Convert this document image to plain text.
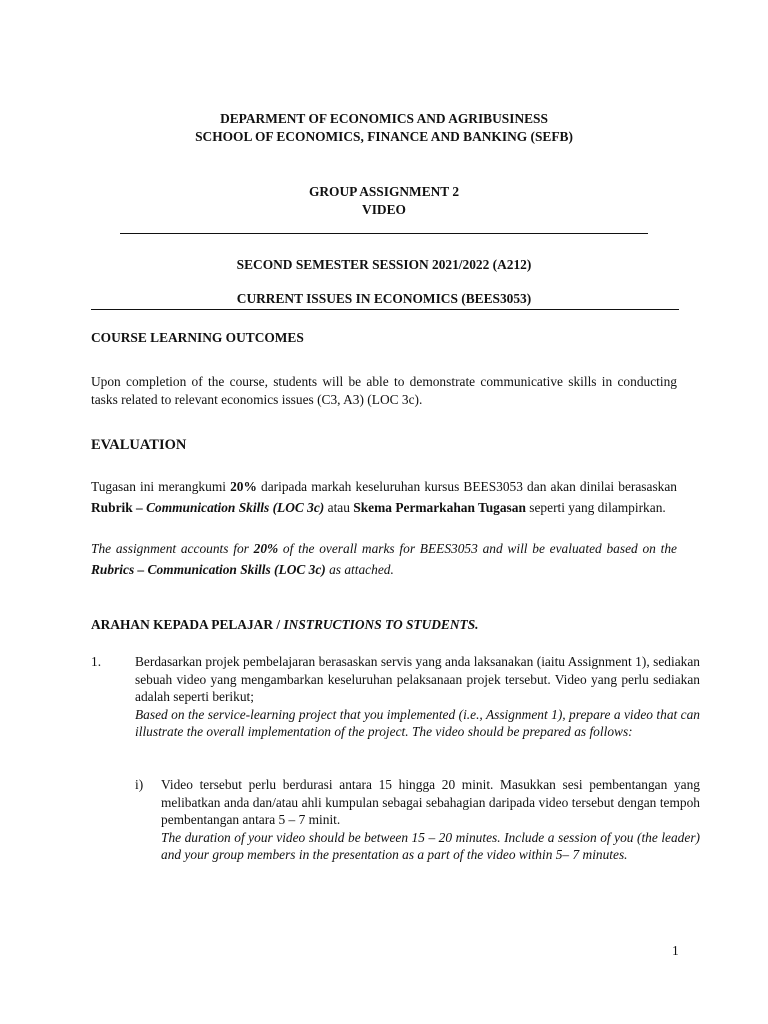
DEPARMENT OF ECONOMICS AND AGRIBUSINESS
SCHOOL OF ECONOMICS, FINANCE AND BANKING (SEFB)
GROUP ASSIGNMENT 2
VIDEO
SECOND SEMESTER SESSION 2021/2022 (A212)
CURRENT ISSUES IN ECONOMICS (BEES3053)
COURSE LEARNING OUTCOMES
Upon completion of the course, students will be able to demonstrate communicative skills in conducting tasks related to relevant economics issues (C3, A3) (LOC 3c).
EVALUATION
Tugasan ini merangkumi 20% daripada markah keseluruhan kursus BEES3053 dan akan dinilai berasaskan Rubrik – Communication Skills (LOC 3c) atau Skema Permarkahan Tugasan seperti yang dilampirkan.
The assignment accounts for 20% of the overall marks for BEES3053 and will be evaluated based on the Rubrics – Communication Skills (LOC 3c) as attached.
ARAHAN KEPADA PELAJAR / INSTRUCTIONS TO STUDENTS.
1.	Berdasarkan projek pembelajaran berasaskan servis yang anda laksanakan (iaitu Assignment 1), sediakan sebuah video yang mengambarkan keseluruhan pelaksanaan projek tersebut. Video yang perlu sediakan adalah seperti berikut;
Based on the service-learning project that you implemented (i.e., Assignment 1), prepare a video that can illustrate the overall implementation of the project. The video should be prepared as follows:
i) Video tersebut perlu berdurasi antara 15 hingga 20 minit. Masukkan sesi pembentangan yang melibatkan anda dan/atau ahli kumpulan sebagai sebahagian daripada video tersebut dengan tempoh pembentangan antara 5 – 7 minit.
The duration of your video should be between 15 – 20 minutes. Include a session of you (the leader) and your group members in the presentation as a part of the video within 5– 7 minutes.
1
